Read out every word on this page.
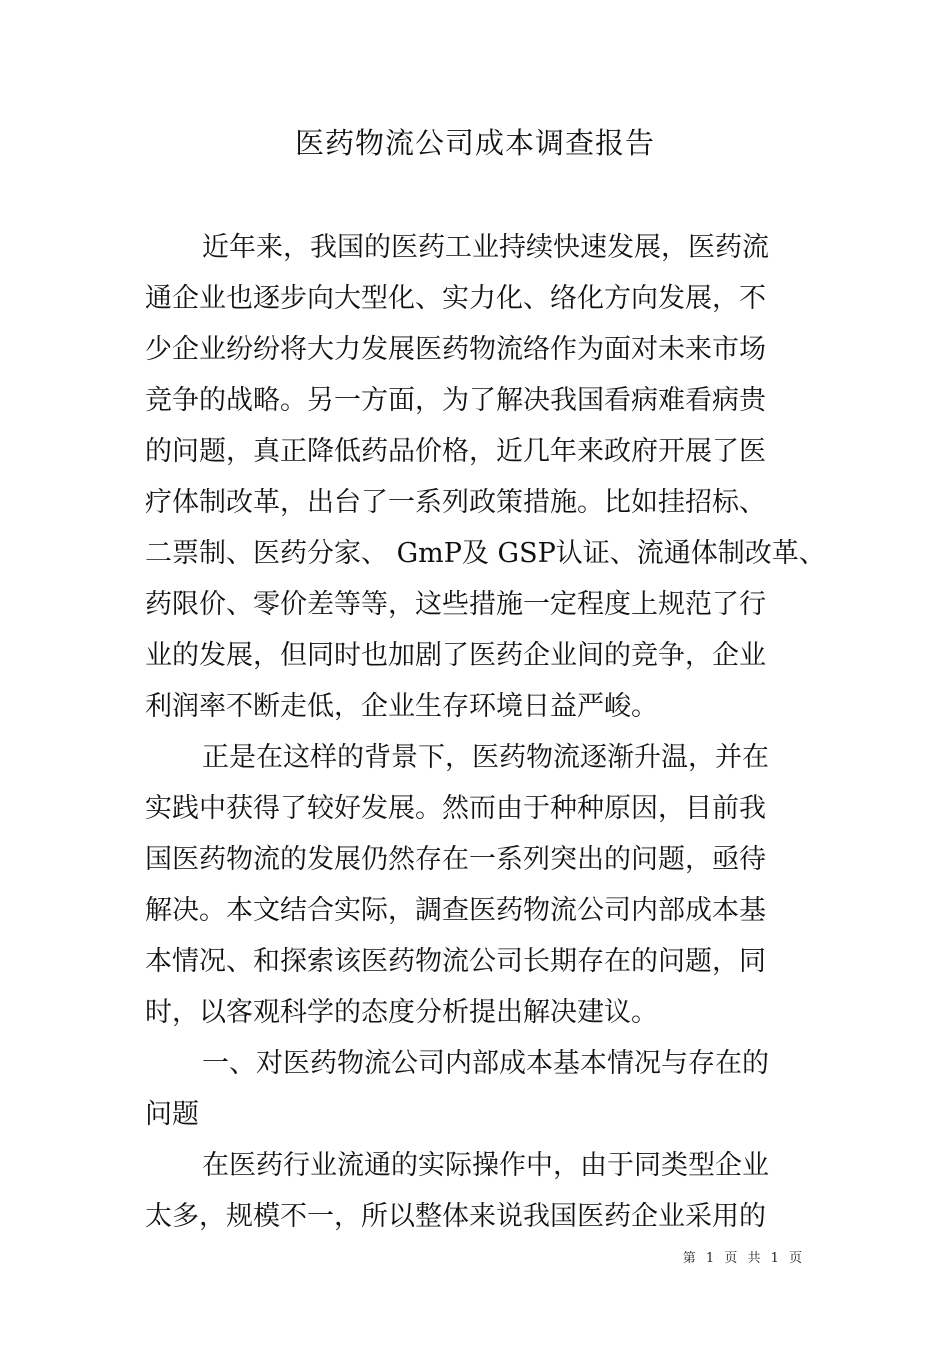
医药物流公司成本调查报告
近年来，我国的医药工业持续快速发展，医药流
通企业也逐步向大型化、实力化、络化方向发展，不
少企业纷纷将大力发展医药物流络作为面对未来市场
竞争的战略。另一方面，为了解决我国看病难看病贵
的问题，真正降低药品价格，近几年来政府开展了医
疗体制改革，出台了一系列政策措施。比如挂招标、
二票制、医药分家、 GmP及 GSP认证、流通体制改革、
药限价、零价差等等，这些措施一定程度上规范了行
业的发展，但同时也加剧了医药企业间的竞争，企业
利润率不断走低，企业生存环境日益严峻。
正是在这样的背景下，医药物流逐渐升温，并在
实践中获得了较好发展。然而由于种种原因，目前我
国医药物流的发展仍然存在一系列突出的问题，亟待
解决。本文结合实际，調查医药物流公司内部成本基
本情况、和探索该医药物流公司长期存在的问题，同
时，以客观科学的态度分析提出解决建议。
一、对医药物流公司内部成本基本情况与存在的
问题
在医药行业流通的实际操作中，由于同类型企业
太多，规模不一，所以整体来说我国医药企业采用的
第 1 页 共 1 页
